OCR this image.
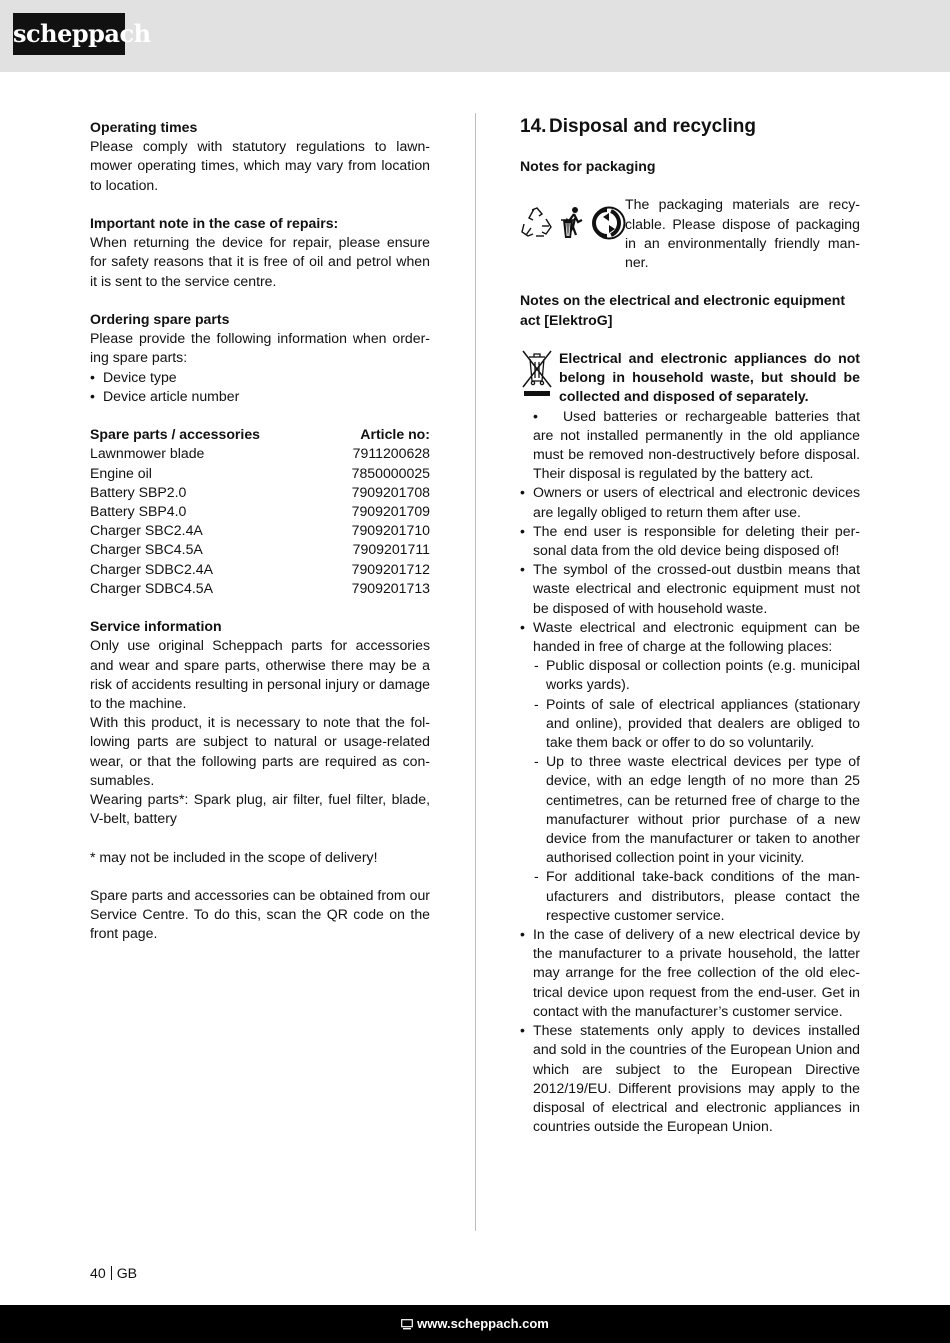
scheppach

Operating times

Please comply with statutory regulations to lawnmower operating times, which may vary from location to location.

Important note in the case of repairs:

When returning the device for repair, please ensure for safety reasons that it is free of oil and petrol when it is sent to the service centre.

Ordering spare parts

Please provide the following information when ordering spare parts:

• Device type
• Device article number
Spare parts / accessories	Article no:
Lawnmower blade	7911200628
Engine oil	7850000025
Battery SBP2.0	7909201708
Battery SBP4.0	7909201709
Charger SBC2.4A	7909201710
Charger SBC4.5A	7909201711
Charger SDBC2.4A	7909201712
Charger SDBC4.5A	7909201713

Service information

Only use original Scheppach parts for accessories and wear and spare parts, otherwise there may be a risk of accidents resulting in personal injury or damage to the machine.

With this product, it is necessary to note that the following parts are subject to natural or usage-related wear, or that the following parts are required as consumables.

Wearing parts*: Spark plug, air filter, fuel filter, blade, V-belt, battery

* may not be included in the scope of delivery!

Spare parts and accessories can be obtained from our Service Centre. To do this, scan the QR code on the front page.

14. Disposal and recycling

Notes for packaging

The packaging materials are recyclable. Please dispose of packaging in an environmentally friendly manner.

Notes on the electrical and electronic equipment act [ElektroG]

Electrical and electronic appliances do not belong in household waste, but should be collected and disposed of separately.

• Used batteries or rechargeable batteries that are not installed permanently in the old appliance must be removed non-destructively before disposal. Their disposal is regulated by the battery act.
• Owners or users of electrical and electronic devices are legally obliged to return them after use.
• The end user is responsible for deleting their personal data from the old device being disposed of!
• The symbol of the crossed-out dustbin means that waste electrical and electronic equipment must not be disposed of with household waste.
• Waste electrical and electronic equipment can be handed in free of charge at the following places:
- Public disposal or collection points (e.g. municipal works yards).
- Points of sale of electrical appliances (stationary and online), provided that dealers are obliged to take them back or offer to do so voluntarily.
- Up to three waste electrical devices per type of device, with an edge length of no more than 25 centimetres, can be returned free of charge to the manufacturer without prior purchase of a new device from the manufacturer or taken to another authorised collection point in your vicinity.
- For additional take-back conditions of the manufacturers and distributors, please contact the respective customer service.
• In the case of delivery of a new electrical device by the manufacturer to a private household, the latter may arrange for the free collection of the old electrical device upon request from the end-user. Get in contact with the manufacturer’s customer service.
• These statements only apply to devices installed and sold in the countries of the European Union and which are subject to the European Directive 2012/19/EU. Different provisions may apply to the disposal of electrical and electronic appliances in countries outside the European Union.
40 GB
www.scheppach.com
